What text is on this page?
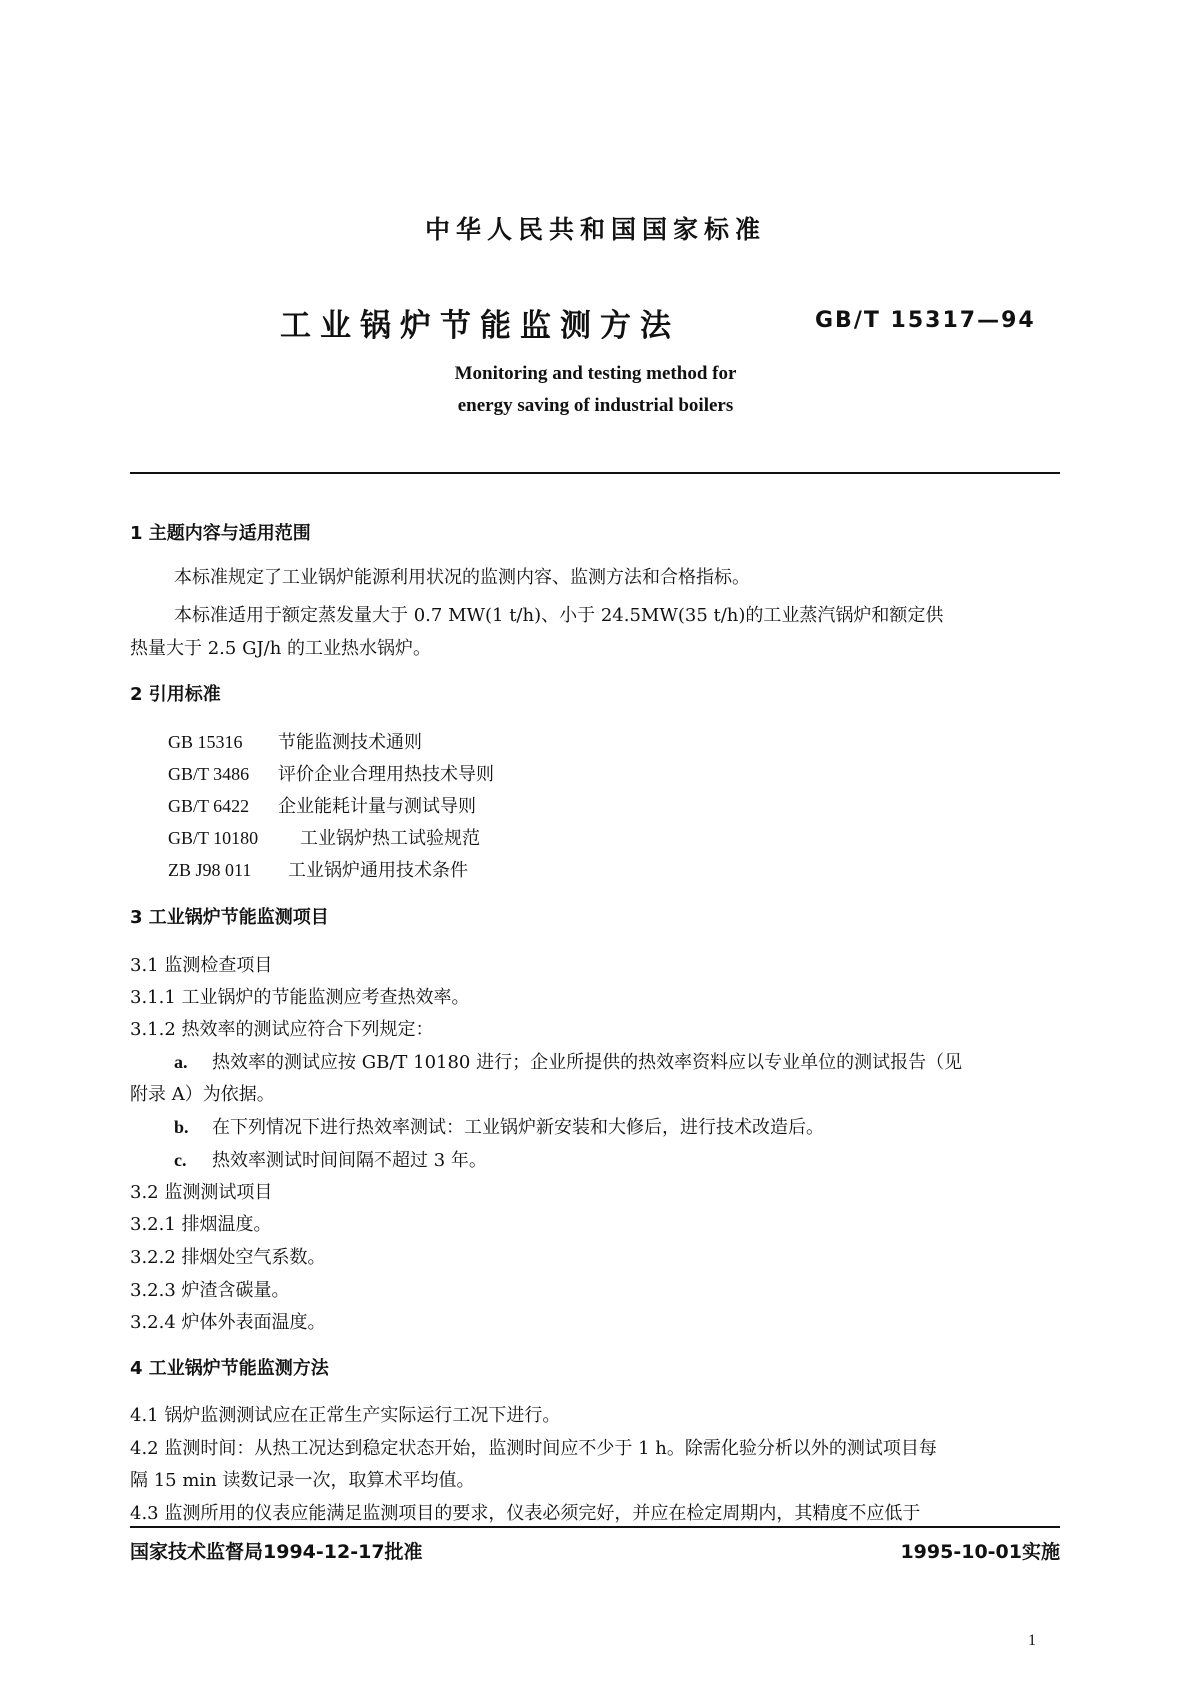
中华人民共和国国家标准
工业锅炉节能监测方法	GB/T 15317—94
Monitoring and testing method for
energy saving of industrial boilers
1 主题内容与适用范围
本标准规定了工业锅炉能源利用状况的监测内容、监测方法和合格指标。
本标准适用于额定蒸发量大于 0.7 MW(1 t/h)、小于 24.5MW(35 t/h)的工业蒸汽锅炉和额定供
热量大于 2.5 GJ/h 的工业热水锅炉。
2 引用标准
GB 15316 节能监测技术通则
GB/T 3486 评价企业合理用热技术导则
GB/T 6422 企业能耗计量与测试导则
GB/T 10180 工业锅炉热工试验规范
ZB J98 011 工业锅炉通用技术条件
3 工业锅炉节能监测项目
3.1 监测检查项目
3.1.1 工业锅炉的节能监测应考查热效率。
3.1.2 热效率的测试应符合下列规定：
a. 热效率的测试应按 GB/T 10180 进行；企业所提供的热效率资料应以专业单位的测试报告（见
附录 A）为依据。
b. 在下列情况下进行热效率测试：工业锅炉新安装和大修后，进行技术改造后。
c. 热效率测试时间间隔不超过 3 年。
3.2 监测测试项目
3.2.1 排烟温度。
3.2.2 排烟处空气系数。
3.2.3 炉渣含碳量。
3.2.4 炉体外表面温度。
4 工业锅炉节能监测方法
4.1 锅炉监测测试应在正常生产实际运行工况下进行。
4.2 监测时间：从热工况达到稳定状态开始，监测时间应不少于 1 h。除需化验分析以外的测试项目每
隔 15 min 读数记录一次，取算术平均值。
4.3 监测所用的仪表应能满足监测项目的要求，仪表必须完好，并应在检定周期内，其精度不应低于
国家技术监督局1994-12-17批准	1995-10-01实施
1
